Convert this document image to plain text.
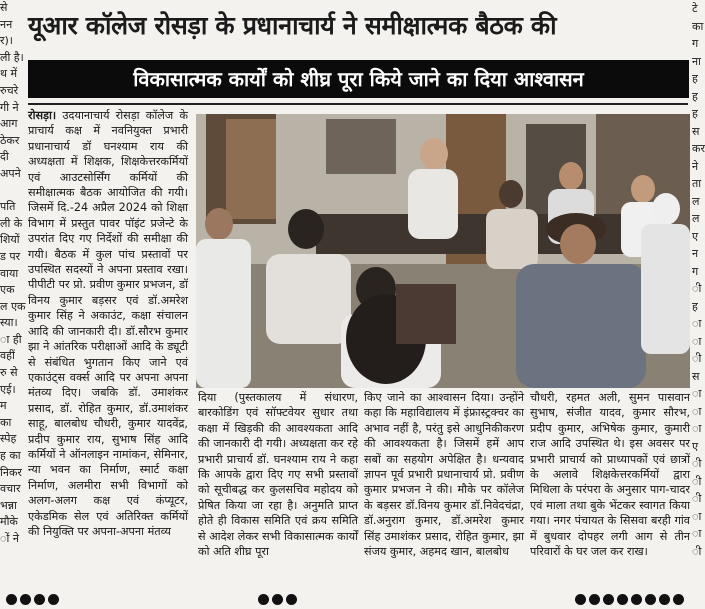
से
नन
र)।
ली है।
थ में
रुचरे
गी ने
आग
ठेकर
दी
अपने

पति
ली के
शियों
ड पर
वाया
एक
ल एक
स्या।
ा ही
वहीं
रु से
एई।
म
का
स्पेह
ह का
निकर
वचार
भन्ना
मौके
ों ने
टे
का
ग
ना
ह
ह
ह
स
कर
ने
ता
ल
ल
ए
न
ग
ी
ह
ा
ा
ी
स
ा
ा
ा
ए
ी
ी
ी
ा
ा
ी
यूआर कॉलेज रोसड़ा के प्रधानाचार्य ने समीक्षात्मक बैठक की
विकासात्मक कार्यों को शीघ्र पूरा किये जाने का दिया आश्वासन

रोसड़ा। उदयानाचार्य रोसड़ा कॉलेज के प्राचार्य कक्ष में नवनियुक्त प्रभारी प्रधानाचार्य डॉ घनश्याम राय की अध्यक्षता में शिक्षक, शिक्षकेत्तरकर्मियों एवं आउटसोर्सिंग कर्मियों की समीक्षात्मक बैठक आयोजित की गयी। जिसमें दि.-24 अप्रैल 2024 को शिक्षा विभाग में प्रस्तुत पावर पॉइंट प्रजेन्टे के उपरांत दिए गए निर्देशों की समीक्षा की गयी। बैठक में कुल पांच प्रस्तावों पर उपस्थित सदस्यों ने अपना प्रस्ताव रखा। पीपीटी पर प्रो. प्रवीण कुमार प्रभजन, डॉ विनय कुमार बड़सर एवं डॉ.अमरेश कुमार सिंह ने अकाउंट, कक्षा संचालन आदि की जानकारी दी। डॉ.सौरभ कुमार झा ने आंतरिक परीक्षाओं आदि के ड्यूटी से संबंधित भुगतान किए जाने एवं एकाउंट्स वर्क्स आदि पर अपना अपना मंतव्य दिए। जबकि डॉ. उमाशंकर प्रसाद, डॉ. रोहित कुमार, डॉ.उमाशंकर साहू, बालबोध चौधरी, कुमार यादवेंद्र, प्रदीप कुमार राय, सुभाष सिंह आदि कर्मियों ने ऑनलाइन नामांकन, सेमिनार, न्या भवन का निर्माण, स्मार्ट कक्षा निर्माण, अलमीरा सभी विभागों को अलग-अलग कक्ष एवं कंप्यूटर, एकेडमिक सेल एवं अतिरिक्त कर्मियों की नियुक्ति पर अपना-अपना मंतव्य

दिया (पुस्तकालय में संधारण, बारकोडिंग एवं सॉफ्टवेयर सुधार तथा कक्षा में खिड़की की आवश्यकता आदि की जानकारी दी गयी। अध्यक्षता कर रहे प्रभारी प्राचार्य डॉ. घनश्याम राय ने कहा कि आपके द्वारा दिए गए सभी प्रस्तावों को सूचीबद्ध कर कुलसचिव महोदय को प्रेषित किया जा रहा है। अनुमति प्राप्त होते ही विकास समिति एवं क्रय समिति से आदेश लेकर सभी विकासात्मक कार्यों को अति शीघ्र पूरा

किए जाने का आश्वासन दिया। उन्होंने कहा कि महाविद्यालय में इंफ्रास्ट्रक्चर का अभाव नहीं है, परंतु इसे आधुनिकीकरण की आवश्यकता है। जिसमें हमें आप सबों का सहयोग अपेक्षित है। धन्यवाद ज्ञापन पूर्व प्रभारी प्रधानाचार्य प्रो. प्रवीण कुमार प्रभजन ने की। मौके पर कॉलेज के बड़सर डॉ.विनय कुमार डॉ.निवेदचंद्रा, डॉ.अनुराग कुमार, डॉ.अमरेश कुमार सिंह उमाशंकर प्रसाद, रोहित कुमार, झा संजय कुमार, अहमद खान, बालबोध

चौधरी, रहमत अली, सुमन पासवान सुभाष, संजीत यादव, कुमार सौरभ, प्रदीप कुमार, अभिषेक कुमार, कुमारी राज आदि उपस्थित थे। इस अवसर पर प्रभारी प्राचार्य को प्राध्यापकों एवं छात्रों के अलावे शिक्षकेत्तरकर्मियों द्वारा मिथिला के परंपरा के अनुसार पाग-चादर एवं माला तथा बुके भेंटकर स्वागत किया गया। नगर पंचायत के सिसवा बरही गांव में बुधवार दोपहर लगी आग से तीन परिवारों के घर जल कर राख।
